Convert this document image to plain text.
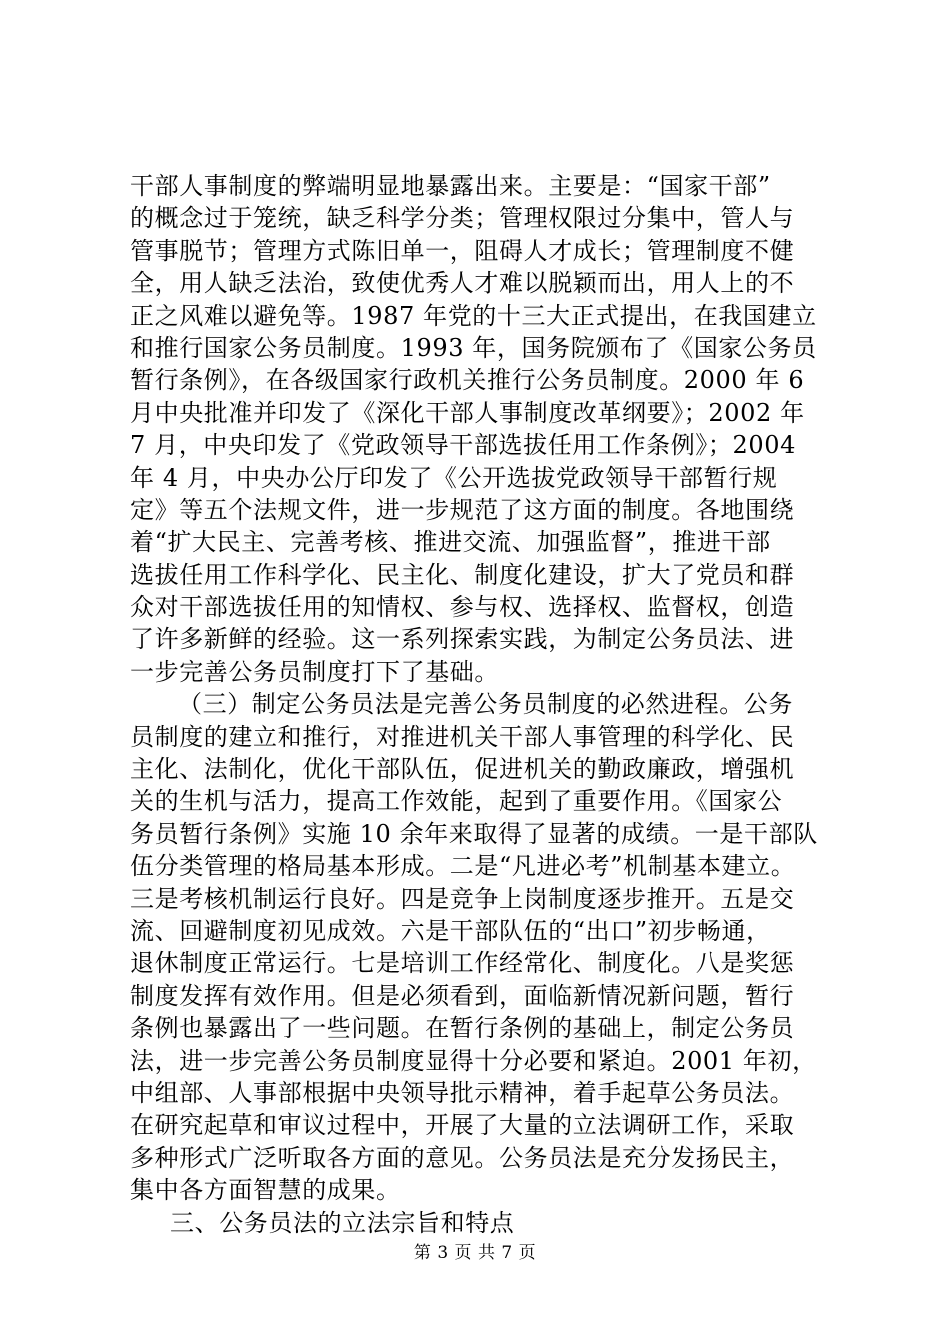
干部人事制度的弊端明显地暴露出来。主要是：“国家干部”
的概念过于笼统，缺乏科学分类；管理权限过分集中，管人与
管事脱节；管理方式陈旧单一，阻碍人才成长；管理制度不健
全，用人缺乏法治，致使优秀人才难以脱颖而出，用人上的不
正之风难以避免等。1987 年党的十三大正式提出，在我国建立
和推行国家公务员制度。1993 年，国务院颁布了《国家公务员
暂行条例》，在各级国家行政机关推行公务员制度。2000 年 6
月中央批准并印发了《深化干部人事制度改革纲要》；2002 年
7 月，中央印发了《党政领导干部选拔任用工作条例》；2004
年 4 月，中央办公厅印发了《公开选拔党政领导干部暂行规
定》等五个法规文件，进一步规范了这方面的制度。各地围绕
着“扩大民主、完善考核、推进交流、加强监督”，推进干部
选拔任用工作科学化、民主化、制度化建设，扩大了党员和群
众对干部选拔任用的知情权、参与权、选择权、监督权，创造
了许多新鲜的经验。这一系列探索实践，为制定公务员法、进
一步完善公务员制度打下了基础。
（三）制定公务员法是完善公务员制度的必然进程。公务
员制度的建立和推行，对推进机关干部人事管理的科学化、民
主化、法制化，优化干部队伍，促进机关的勤政廉政，增强机
关的生机与活力，提高工作效能，起到了重要作用。《国家公
务员暂行条例》实施 10 余年来取得了显著的成绩。一是干部队
伍分类管理的格局基本形成。二是“凡进必考”机制基本建立。
三是考核机制运行良好。四是竞争上岗制度逐步推开。五是交
流、回避制度初见成效。六是干部队伍的“出口”初步畅通，
退休制度正常运行。七是培训工作经常化、制度化。八是奖惩
制度发挥有效作用。但是必须看到，面临新情况新问题，暂行
条例也暴露出了一些问题。在暂行条例的基础上，制定公务员
法，进一步完善公务员制度显得十分必要和紧迫。2001 年初，
中组部、人事部根据中央领导批示精神，着手起草公务员法。
在研究起草和审议过程中，开展了大量的立法调研工作，采取
多种形式广泛听取各方面的意见。公务员法是充分发扬民主，
集中各方面智慧的成果。
三、公务员法的立法宗旨和特点
第 3 页 共 7 页
